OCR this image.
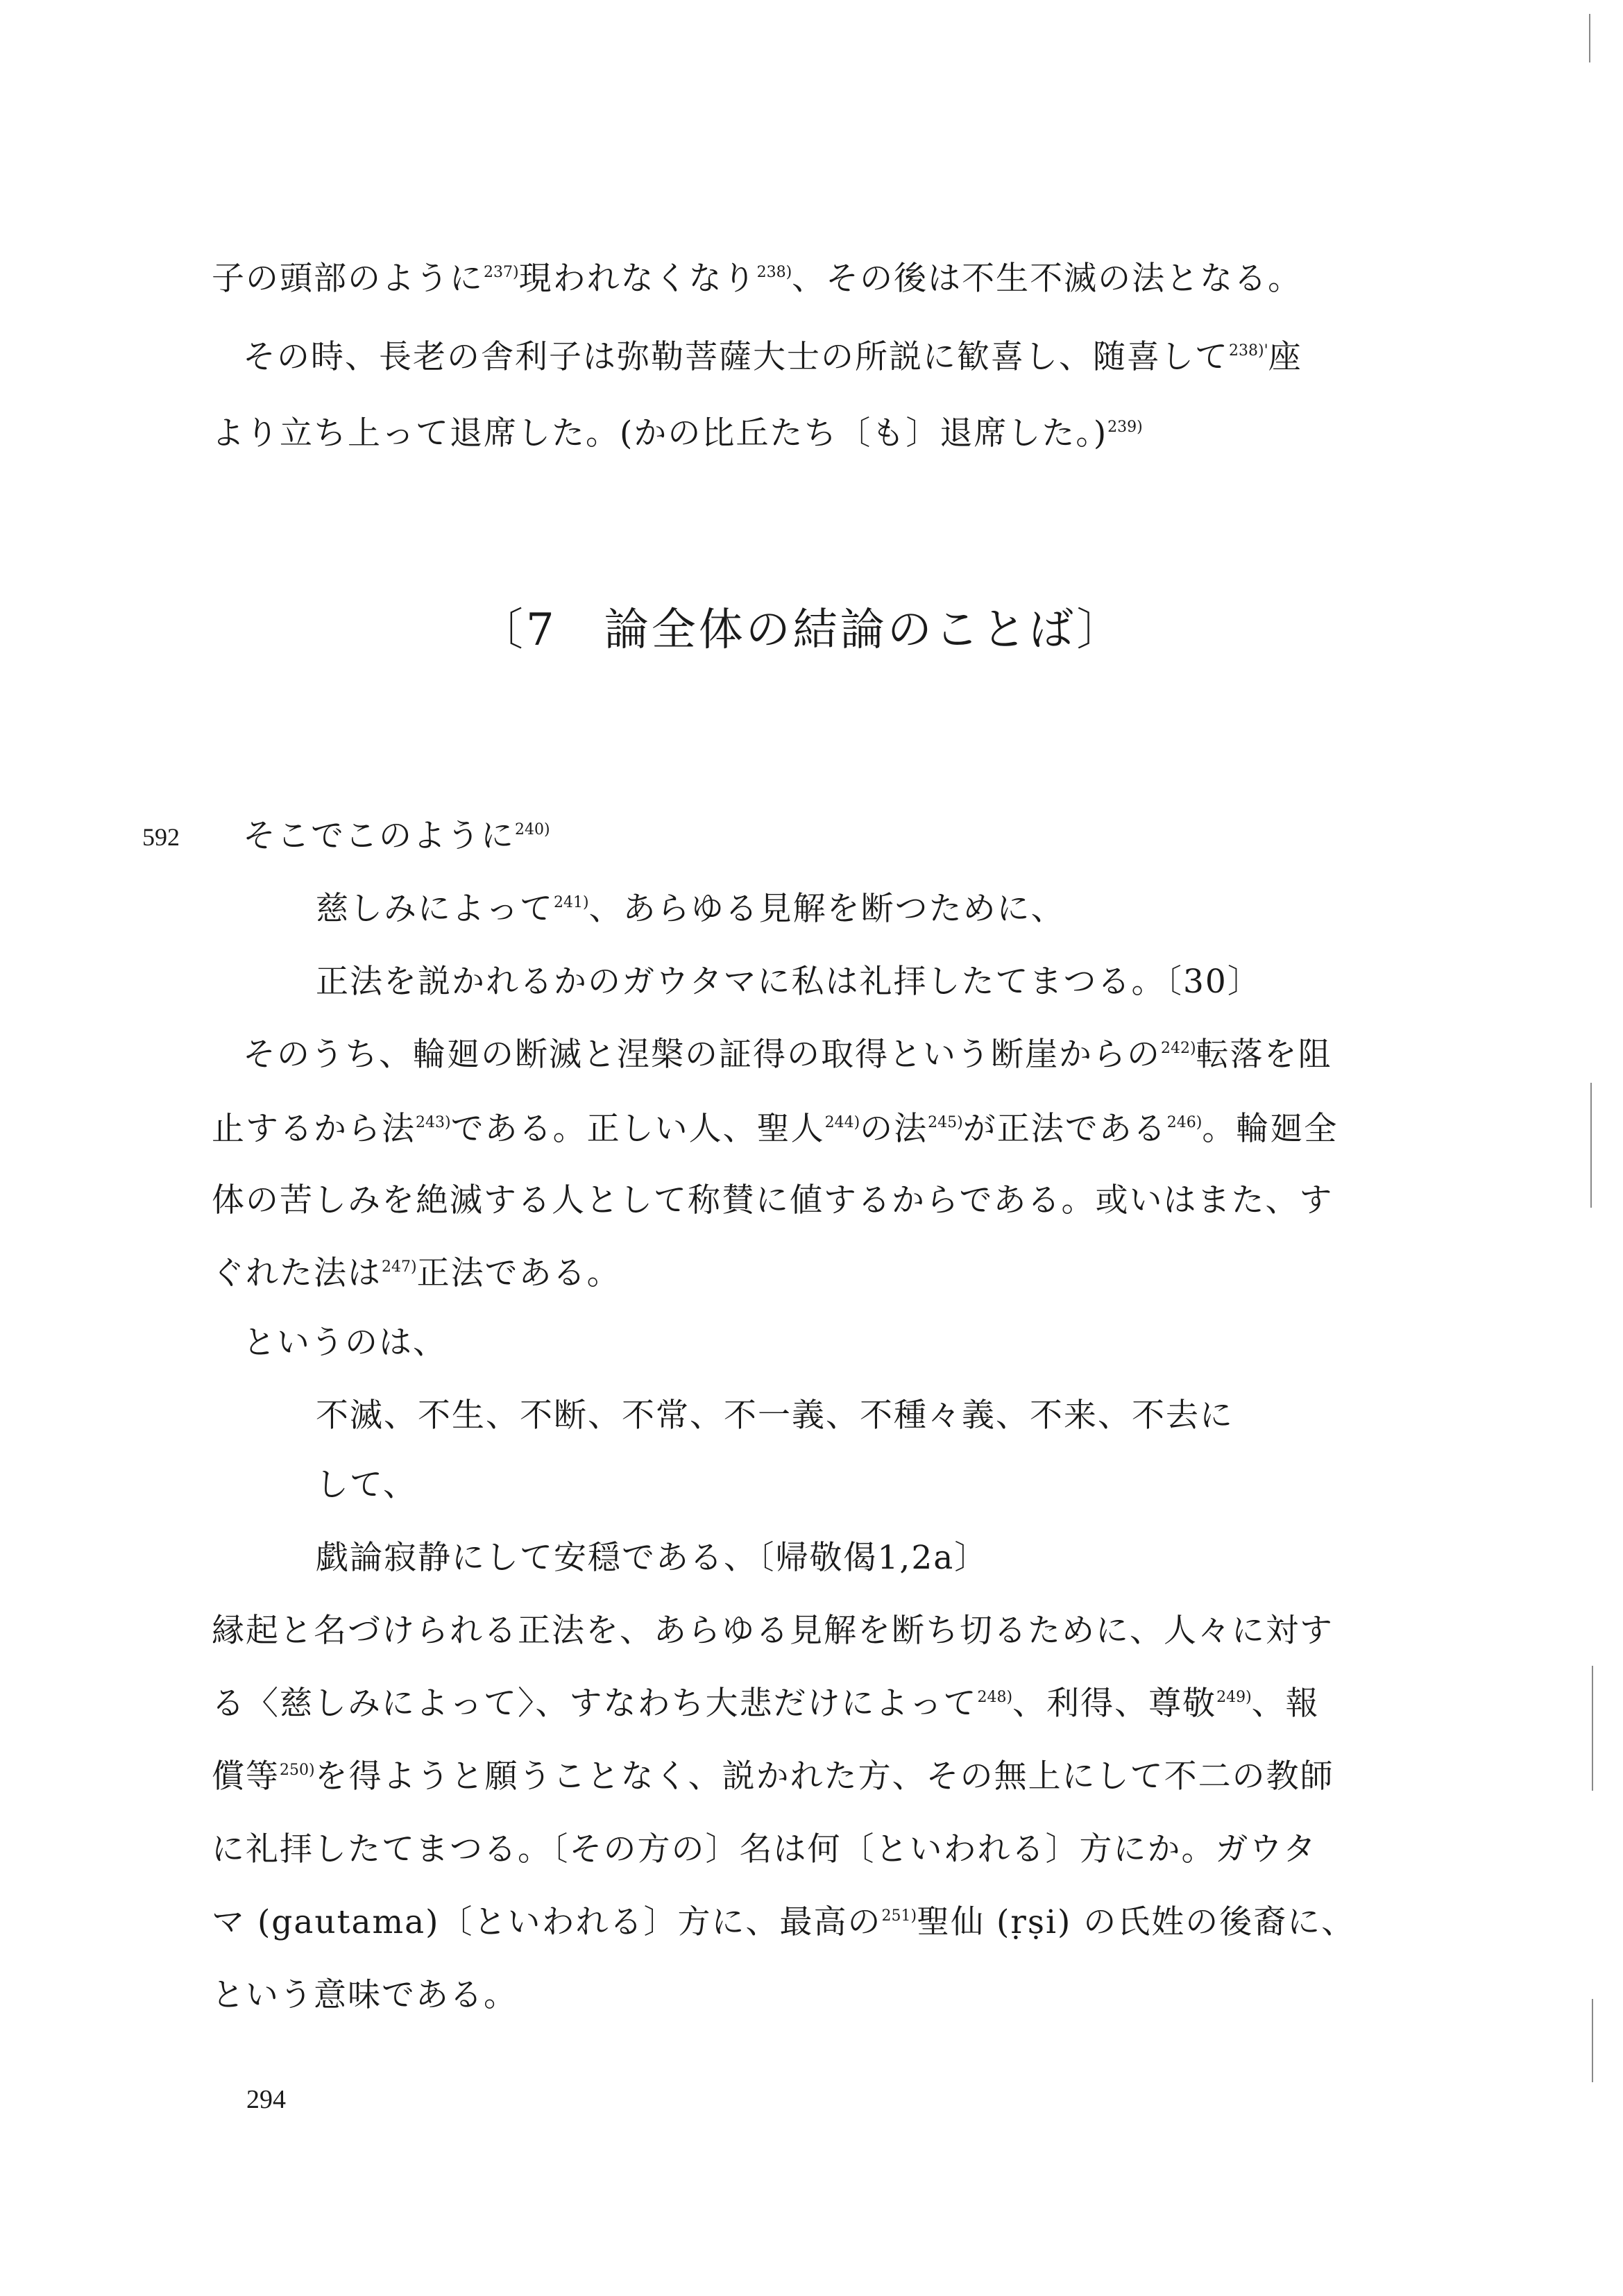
子の頭部のように$^{237)}$現われなくなり$^{238)}$、その後は不生不滅の法となる。
その時、長老の舎利子は弥勒菩薩大士の所説に歓喜し、随喜して$^{238)'}$座
より立ち上って退席した。(かの比丘たち〔も〕退席した。)$^{239)}$
〔7　論全体の結論のことば〕
592 そこでこのように$^{240)}$
慈しみによって$^{241)}$、あらゆる見解を断つために、
正法を説かれるかのガウタマに私は礼拝したてまつる。〔30〕
そのうち、輪廻の断滅と涅槃の証得の取得という断崖からの$^{242)}$転落を阻
止するから法$^{243)}$である。正しい人、聖人$^{244)}$の法$^{245)}$が正法である$^{246)}$。輪廻全
体の苦しみを絶滅する人として称賛に値するからである。或いはまた、す
ぐれた法は$^{247)}$正法である。
というのは、
不滅、不生、不断、不常、不一義、不種々義、不来、不去に
して、
戯論寂静にして安穏である、〔帰敬偈1,2a〕
縁起と名づけられる正法を、あらゆる見解を断ち切るために、人々に対す
る〈慈しみによって〉、すなわち大悲だけによって$^{248)}$、利得、尊敬$^{249)}$、報
償等$^{250)}$を得ようと願うことなく、説かれた方、その無上にして不二の教師
に礼拝したてまつる。〔その方の〕名は何〔といわれる〕方にか。ガウタ
マ (gautama)〔といわれる〕方に、最高の$^{251)}$聖仙 (ṛṣi) の氏姓の後裔に、
という意味である。
294
